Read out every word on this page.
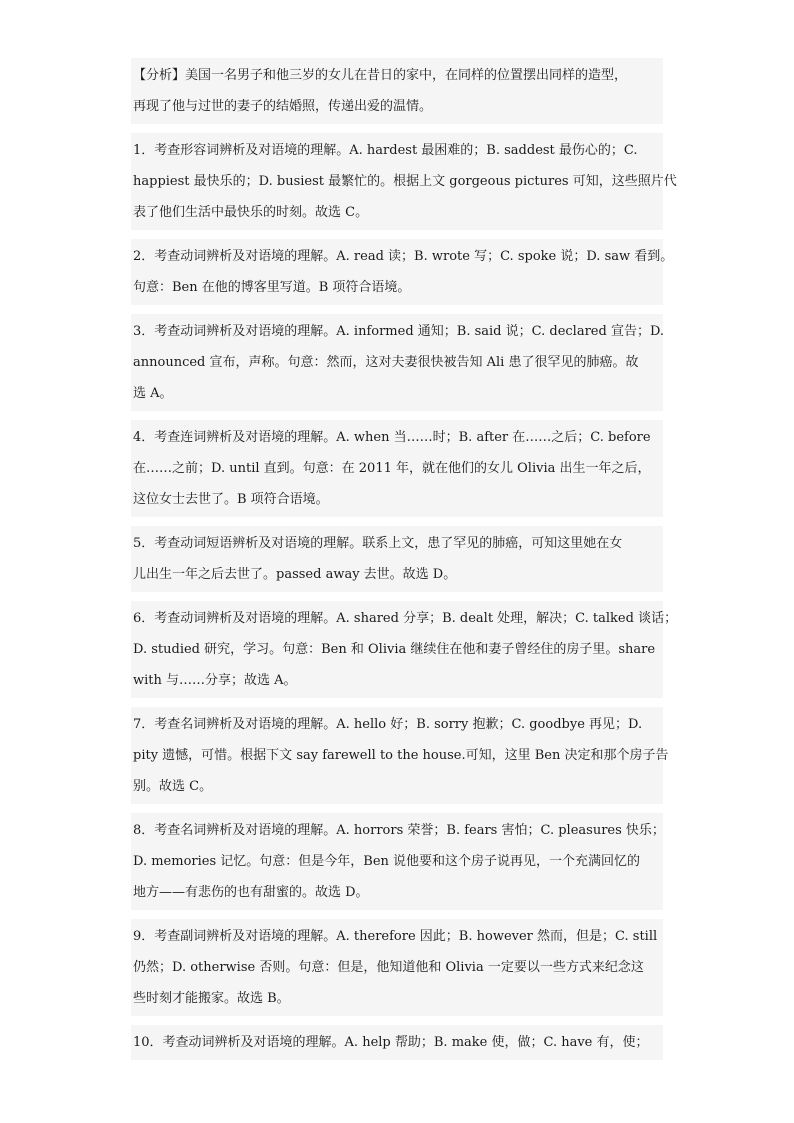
【分析】美国一名男子和他三岁的女儿在昔日的家中，在同样的位置摆出同样的造型，
再现了他与过世的妻子的结婚照，传递出爱的温情。
1．考查形容词辨析及对语境的理解。A. hardest 最困难的；B. saddest 最伤心的；C.
happiest 最快乐的；D. busiest 最繁忙的。根据上文 gorgeous pictures 可知，这些照片代
表了他们生活中最快乐的时刻。故选 C。
2．考查动词辨析及对语境的理解。A. read 读；B. wrote 写；C. spoke 说；D. saw 看到。
句意：Ben 在他的博客里写道。B 项符合语境。
3．考查动词辨析及对语境的理解。A. informed 通知；B. said 说；C. declared 宣告；D.
announced 宣布，声称。句意：然而，这对夫妻很快被告知 Ali 患了很罕见的肺癌。故
选 A。
4．考查连词辨析及对语境的理解。A. when 当……时；B. after 在……之后；C. before
在……之前；D. until 直到。句意：在 2011 年，就在他们的女儿 Olivia 出生一年之后，
这位女士去世了。B 项符合语境。
5．考查动词短语辨析及对语境的理解。联系上文，患了罕见的肺癌，可知这里她在女
儿出生一年之后去世了。passed away 去世。故选 D。
6．考查动词辨析及对语境的理解。A. shared 分享；B. dealt 处理，解决；C. talked 谈话；
D. studied 研究，学习。句意：Ben 和 Olivia 继续住在他和妻子曾经住的房子里。share
with 与……分享；故选 A。
7．考查名词辨析及对语境的理解。A. hello 好；B. sorry 抱歉；C. goodbye 再见；D.
pity 遗憾，可惜。根据下文 say farewell to the house.可知，这里 Ben 决定和那个房子告
别。故选 C。
8．考查名词辨析及对语境的理解。A. horrors 荣誉；B. fears 害怕；C. pleasures 快乐；
D. memories 记忆。句意：但是今年，Ben 说他要和这个房子说再见，一个充满回忆的
地方——有悲伤的也有甜蜜的。故选 D。
9．考查副词辨析及对语境的理解。A. therefore 因此；B. however 然而，但是；C. still
仍然；D. otherwise 否则。句意：但是，他知道他和 Olivia 一定要以一些方式来纪念这
些时刻才能搬家。故选 B。
10．考查动词辨析及对语境的理解。A. help 帮助；B. make 使，做；C. have 有，使；
